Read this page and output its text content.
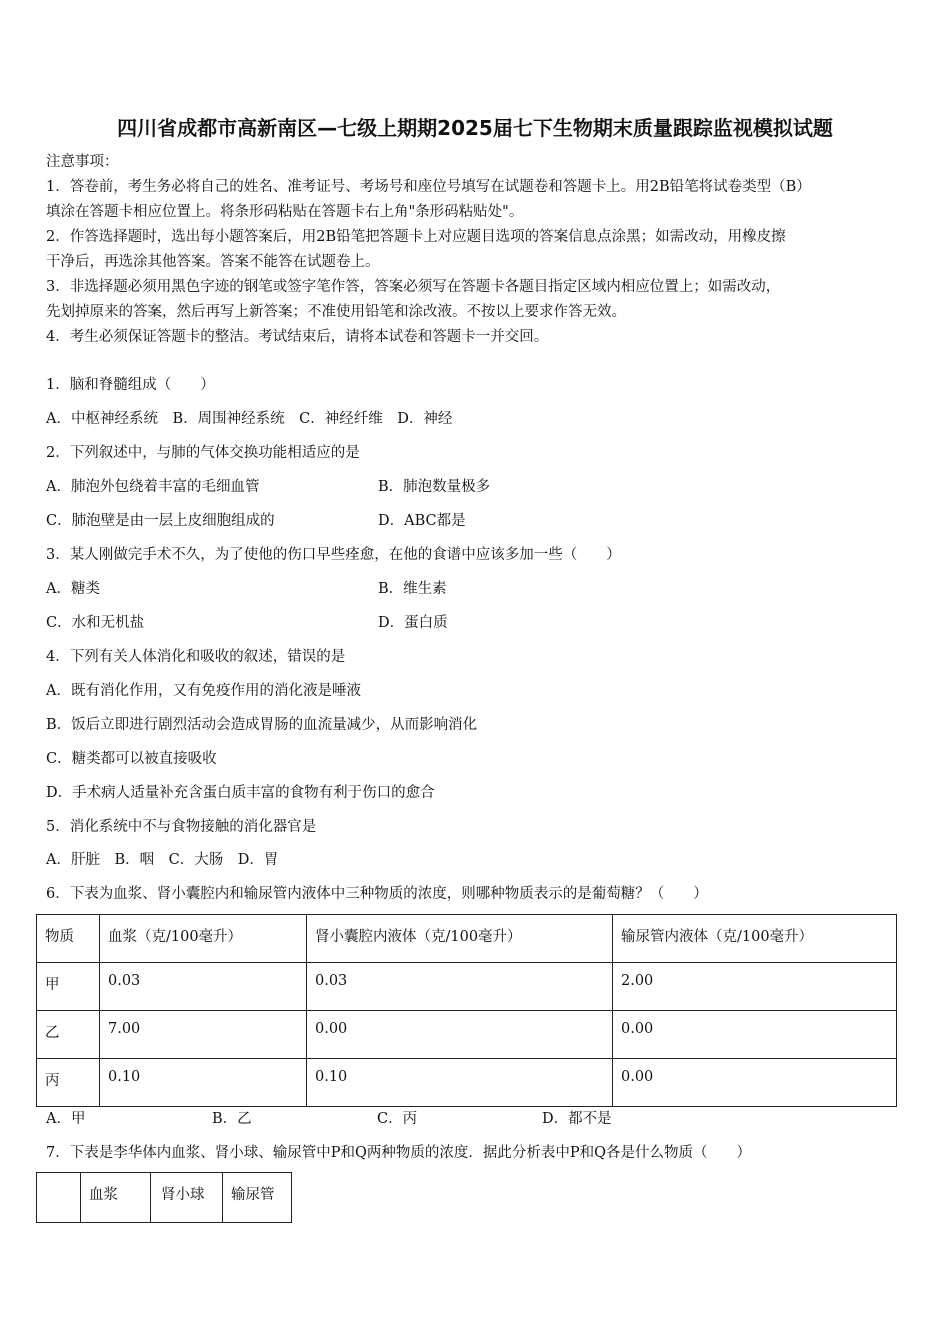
四川省成都市高新南区—七级上期期2025届七下生物期末质量跟踪监视模拟试题
注意事项：
1．答卷前，考生务必将自己的姓名、准考证号、考场号和座位号填写在试题卷和答题卡上。用2B铅笔将试卷类型（B）
填涂在答题卡相应位置上。将条形码粘贴在答题卡右上角"条形码粘贴处"。
2．作答选择题时，选出每小题答案后，用2B铅笔把答题卡上对应题目选项的答案信息点涂黑；如需改动，用橡皮擦
干净后，再选涂其他答案。答案不能答在试题卷上。
3．非选择题必须用黑色字迹的钢笔或签字笔作答，答案必须写在答题卡各题目指定区域内相应位置上；如需改动，
先划掉原来的答案，然后再写上新答案；不准使用铅笔和涂改液。不按以上要求作答无效。
4．考生必须保证答题卡的整洁。考试结束后，请将本试卷和答题卡一并交回。
1．脑和脊髓组成（　　）
A．中枢神经系统　B．周围神经系统　C．神经纤维　D．神经
2．下列叙述中，与肺的气体交换功能相适应的是
A．肺泡外包绕着丰富的毛细血管	B．肺泡数量极多
C．肺泡壁是由一层上皮细胞组成的	D．ABC都是
3．某人刚做完手术不久，为了使他的伤口早些痊愈，在他的食谱中应该多加一些（　　）
A．糖类	B．维生素
C．水和无机盐	D．蛋白质
4．下列有关人体消化和吸收的叙述，错误的是
A．既有消化作用，又有免疫作用的消化液是唾液
B．饭后立即进行剧烈活动会造成胃肠的血流量减少，从而影响消化
C．糖类都可以被直接吸收
D．手术病人适量补充含蛋白质丰富的食物有利于伤口的愈合
5．消化系统中不与食物接触的消化器官是
A．肝脏　B．咽　C．大肠　D．胃
6．下表为血浆、肾小囊腔内和输尿管内液体中三种物质的浓度，则哪种物质表示的是葡萄糖？（　　）
物质	血浆（克/100毫升）	肾小囊腔内液体（克/100毫升）	输尿管内液体（克/100毫升）
甲	0.03	0.03	2.00
乙	7.00	0.00	0.00
丙	0.10	0.10	0.00
A．甲	B．乙	C．丙	D．都不是
7．下表是李华体内血浆、肾小球、输尿管中P和Q两种物质的浓度．据此分析表中P和Q各是什么物质（　　）
	血浆	肾小球	输尿管
